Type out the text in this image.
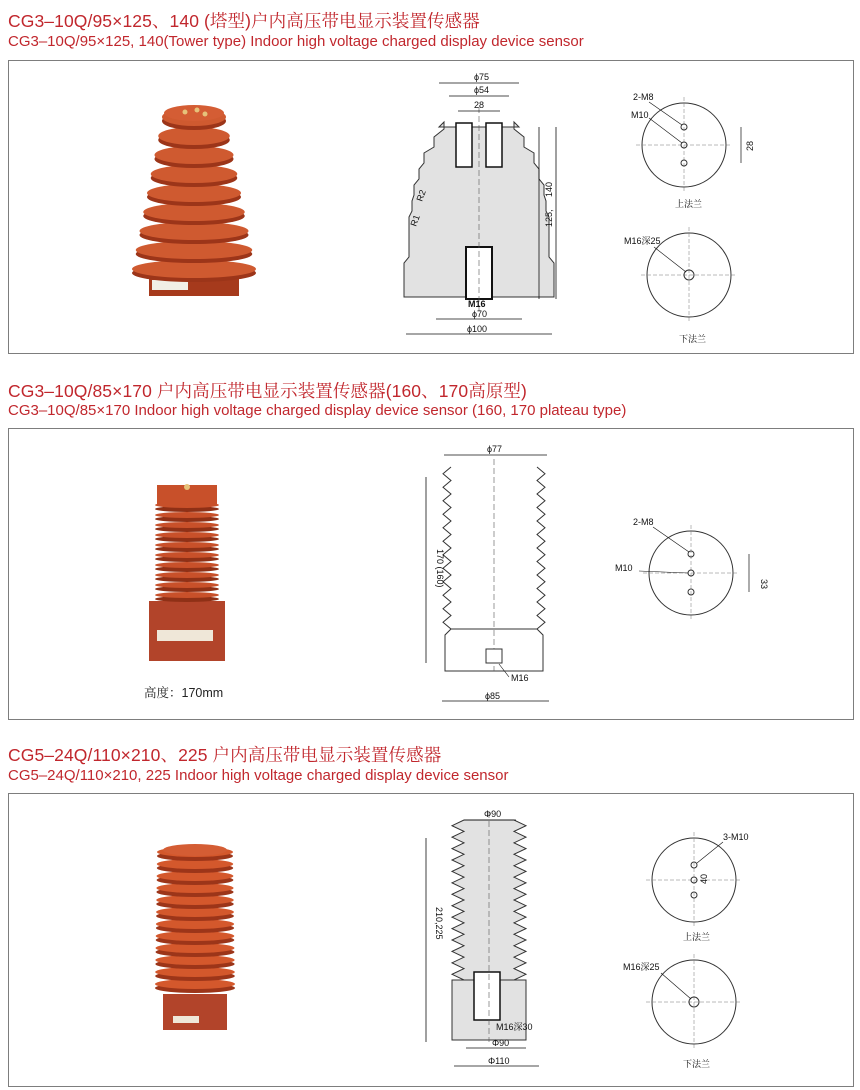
CG3–10Q/95×125、140 (塔型)户内高压带电显示装置传感器
CG3–10Q/95×125, 140(Tower type) Indoor high voltage charged display device sensor
ϕ75
ϕ54
28
R2
R1	125,
140
M16
ϕ70
ϕ100
2-M8
M10
28
上法兰
M16深25
下法兰
CG3–10Q/85×170 户内高压带电显示装置传感器(160、170高原型)
CG3–10Q/85×170 Indoor high voltage charged display device sensor (160, 170 plateau type)
高度：170mm
ϕ77
170 (160)
M16
ϕ85
2-M8
M10
33
CG5–24Q/110×210、225 户内高压带电显示装置传感器
CG5–24Q/110×210, 225 Indoor high voltage charged display device sensor
Φ90
210,225
M16深30
Φ90
Φ110
3-M10
40
上法兰
M16深25
下法兰
